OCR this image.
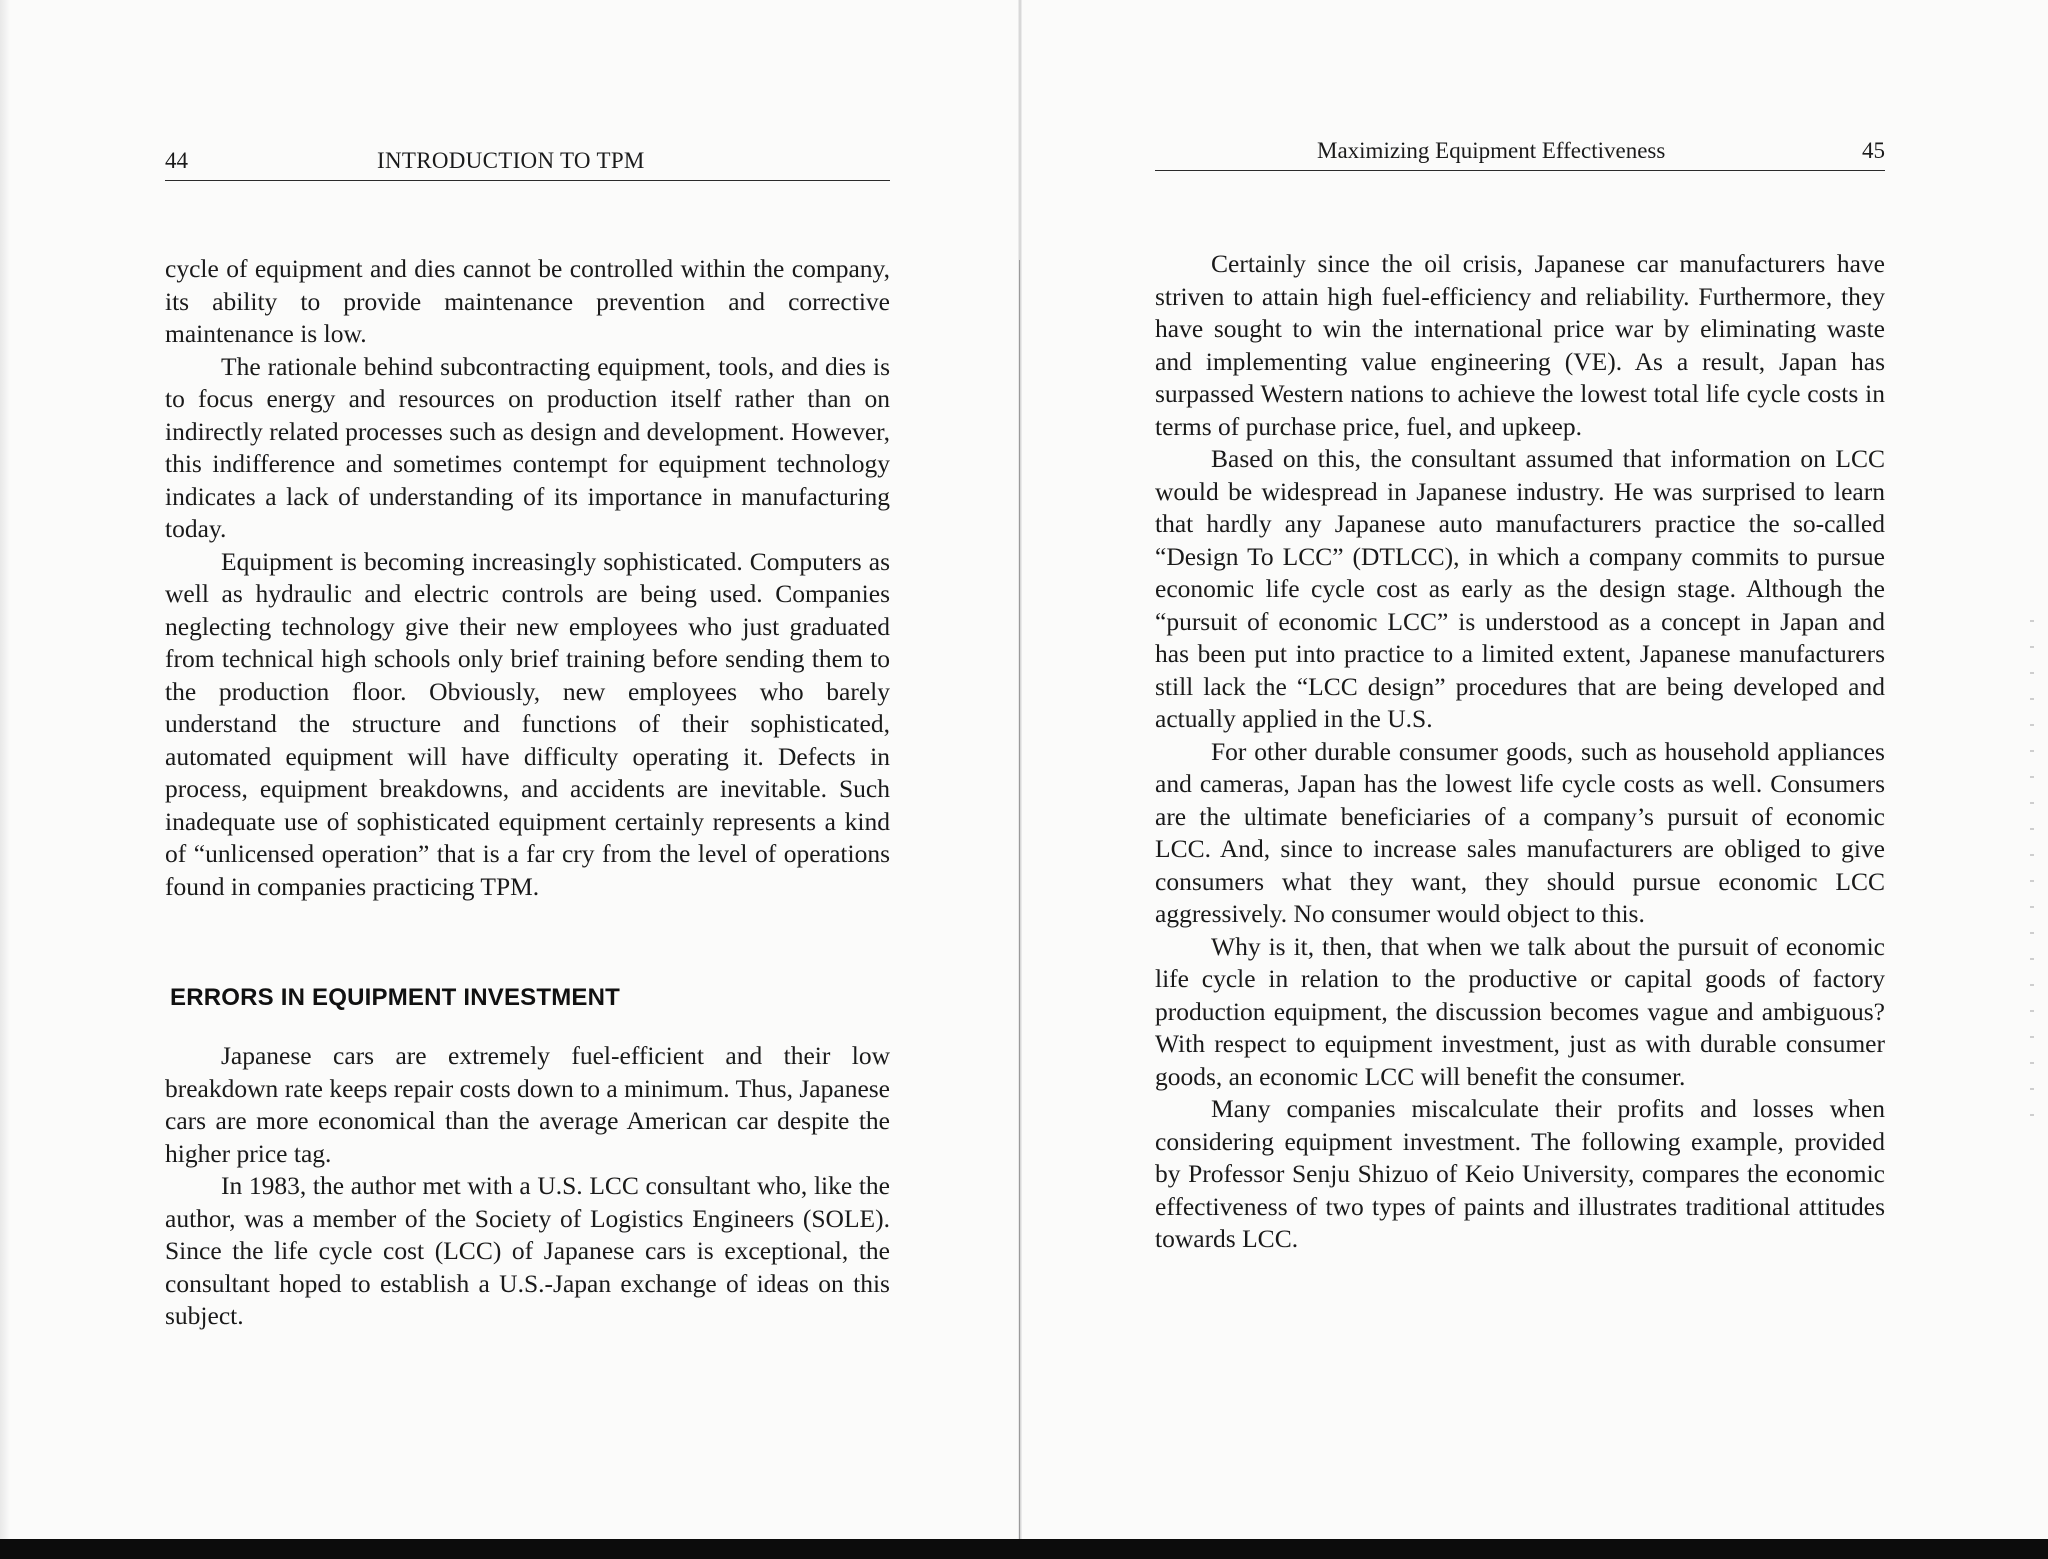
44	INTRODUCTION TO TPM

cycle of equipment and dies cannot be controlled within the company, its ability to provide maintenance prevention and corrective maintenance is low.

The rationale behind subcontracting equipment, tools, and dies is to focus energy and resources on production itself rather than on indirectly related processes such as design and development. However, this indifference and sometimes contempt for equipment technology indicates a lack of understanding of its importance in manufacturing today.

Equipment is becoming increasingly sophisticated. Computers as well as hydraulic and electric controls are being used. Companies neglecting technology give their new employees who just graduated from technical high schools only brief training before sending them to the production floor. Obviously, new employees who barely understand the structure and functions of their sophisticated, automated equipment will have difficulty operating it. Defects in process, equipment breakdowns, and accidents are inevitable. Such inadequate use of sophisticated equipment certainly represents a kind of “unlicensed operation” that is a far cry from the level of operations found in companies practicing TPM.

ERRORS IN EQUIPMENT INVESTMENT

Japanese cars are extremely fuel-efficient and their low breakdown rate keeps repair costs down to a minimum. Thus, Japanese cars are more economical than the average American car despite the higher price tag.

In 1983, the author met with a U.S. LCC consultant who, like the author, was a member of the Society of Logistics Engineers (SOLE). Since the life cycle cost (LCC) of Japanese cars is exceptional, the consultant hoped to establish a U.S.-Japan exchange of ideas on this subject.

Maximizing Equipment Effectiveness	45

Certainly since the oil crisis, Japanese car manufacturers have striven to attain high fuel-efficiency and reliability. Furthermore, they have sought to win the international price war by eliminating waste and implementing value engineering (VE). As a result, Japan has surpassed Western nations to achieve the lowest total life cycle costs in terms of purchase price, fuel, and upkeep.

Based on this, the consultant assumed that information on LCC would be widespread in Japanese industry. He was surprised to learn that hardly any Japanese auto manufacturers practice the so-called “Design To LCC” (DTLCC), in which a company commits to pursue economic life cycle cost as early as the design stage. Although the “pursuit of economic LCC” is understood as a concept in Japan and has been put into practice to a limited extent, Japanese manufacturers still lack the “LCC design” procedures that are being developed and actually applied in the U.S.

For other durable consumer goods, such as household appliances and cameras, Japan has the lowest life cycle costs as well. Consumers are the ultimate beneficiaries of a company’s pursuit of economic LCC. And, since to increase sales manufacturers are obliged to give consumers what they want, they should pursue economic LCC aggressively. No consumer would object to this.

Why is it, then, that when we talk about the pursuit of economic life cycle in relation to the productive or capital goods of factory production equipment, the discussion becomes vague and ambiguous? With respect to equipment investment, just as with durable consumer goods, an economic LCC will benefit the consumer.

Many companies miscalculate their profits and losses when considering equipment investment. The following example, provided by Professor Senju Shizuo of Keio University, compares the economic effectiveness of two types of paints and illustrates traditional attitudes towards LCC.
